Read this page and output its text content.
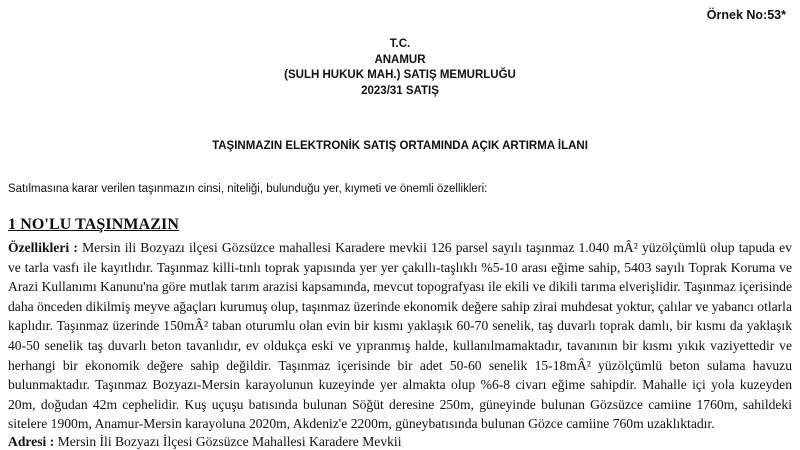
Örnek No:53*
T.C.
ANAMUR
(SULH HUKUK MAH.) SATIŞ MEMURLUĞU
2023/31 SATIŞ
TAŞINMAZIN ELEKTRONİK SATIŞ ORTAMINDA AÇIK ARTIRMA İLANI
Satılmasına karar verilen taşınmazın cinsi, niteliği, bulunduğu yer, kıymeti ve önemli özellikleri:
1 NO'LU TAŞINMAZIN

Özellikleri : Mersin ili Bozyazı ilçesi Gözsüzce mahallesi Karadere mevkii 126 parsel sayılı taşınmaz 1.040 mÂ² yüzölçümlü olup tapuda ev ve tarla vasfı ile kayıtlıdır. Taşınmaz killi-tınlı toprak yapısında yer yer çakıllı-taşlıklı %5-10 arası eğime sahip, 5403 sayılı Toprak Koruma ve Arazi Kullanımı Kanunu'na göre mutlak tarım arazisi kapsamında, mevcut topografyası ile ekili ve dikili tarıma elverişlidir. Taşınmaz içerisinde daha önceden dikilmiş meyve ağaçları kurumuş olup, taşınmaz üzerinde ekonomik değere sahip zirai muhdesat yoktur, çalılar ve yabancı otlarla kaplıdır. Taşınmaz üzerinde 150mÂ² taban oturumlu olan evin bir kısmı yaklaşık 60-70 senelik, taş duvarlı toprak damlı, bir kısmı da yaklaşık 40-50 senelik taş duvarlı beton tavanlıdır, ev oldukça eski ve yıpranmış halde, kullanılmamaktadır, tavanının bir kısmı yıkık vaziyettedir ve herhangi bir ekonomik değere sahip değildir. Taşınmaz içerisinde bir adet 50-60 senelik 15-18mÂ² yüzölçümlü beton sulama havuzu bulunmaktadır. Taşınmaz Bozyazı-Mersin karayolunun kuzeyinde yer almakta olup %6-8 civarı eğime sahipdir. Mahalle içi yola kuzeyden 20m, doğudan 42m cephelidir. Kuş uçuşu batısında bulunan Söğüt deresine 250m, güneyinde bulunan Gözsüzce camiine 1760m, sahildeki sitelere 1900m, Anamur-Mersin karayoluna 2020m, Akdeniz'e 2200m, güneybatısında bulunan Gözce camiine 760m uzaklıktadır.

Adresi : Mersin İli Bozyazı İlçesi Gözsüzce Mahallesi Karadere Mevkii
